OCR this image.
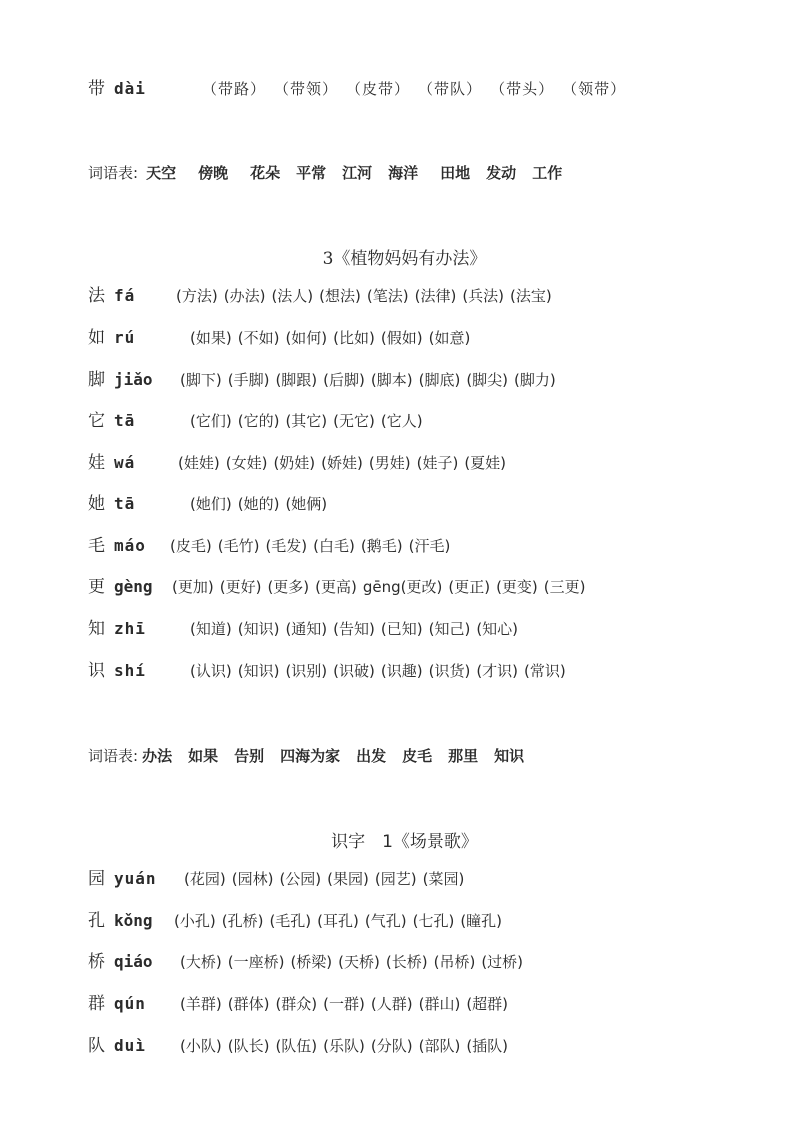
带 dài	（带路） （带领） （皮带） （带队） （带头） （领带）
词语表: 天空 傍晚 花朵 平常 江河 海洋 田地 发动 工作
3《植物妈妈有办法》
法 fá	(方法) (办法) (法人) (想法) (笔法) (法律) (兵法) (法宝)
如 rú	(如果) (不如) (如何) (比如) (假如) (如意)
脚 jiǎo	(脚下) (手脚) (脚跟) (后脚) (脚本) (脚底) (脚尖) (脚力)
它 tā	(它们) (它的) (其它) (无它) (它人)
娃 wá	(娃娃) (女娃) (奶娃) (娇娃) (男娃) (娃子) (夏娃)
她 tā	(她们) (她的) (她俩)
毛 máo	(皮毛) (毛竹) (毛发) (白毛) (鹅毛) (汗毛)
更 gèng	(更加) (更好) (更多) (更高) gēng(更改) (更正) (更变) (三更)
知 zhī	(知道) (知识) (通知) (告知) (已知) (知己) (知心)
识 shí	(认识) (知识) (识别) (识破) (识趣) (识货) (才识) (常识)
词语表: 办法 如果 告别 四海为家 出发 皮毛 那里 知识
识字　1《场景歌》
园 yuán	(花园) (园林) (公园) (果园) (园艺) (菜园)
孔 kǒng	(小孔) (孔桥) (毛孔) (耳孔) (气孔) (七孔) (瞳孔)
桥 qiáo	(大桥) (一座桥) (桥梁) (天桥) (长桥) (吊桥) (过桥)
群 qún	(羊群) (群体) (群众) (一群) (人群) (群山) (超群)
队 duì	(小队) (队长) (队伍) (乐队) (分队) (部队) (插队)
